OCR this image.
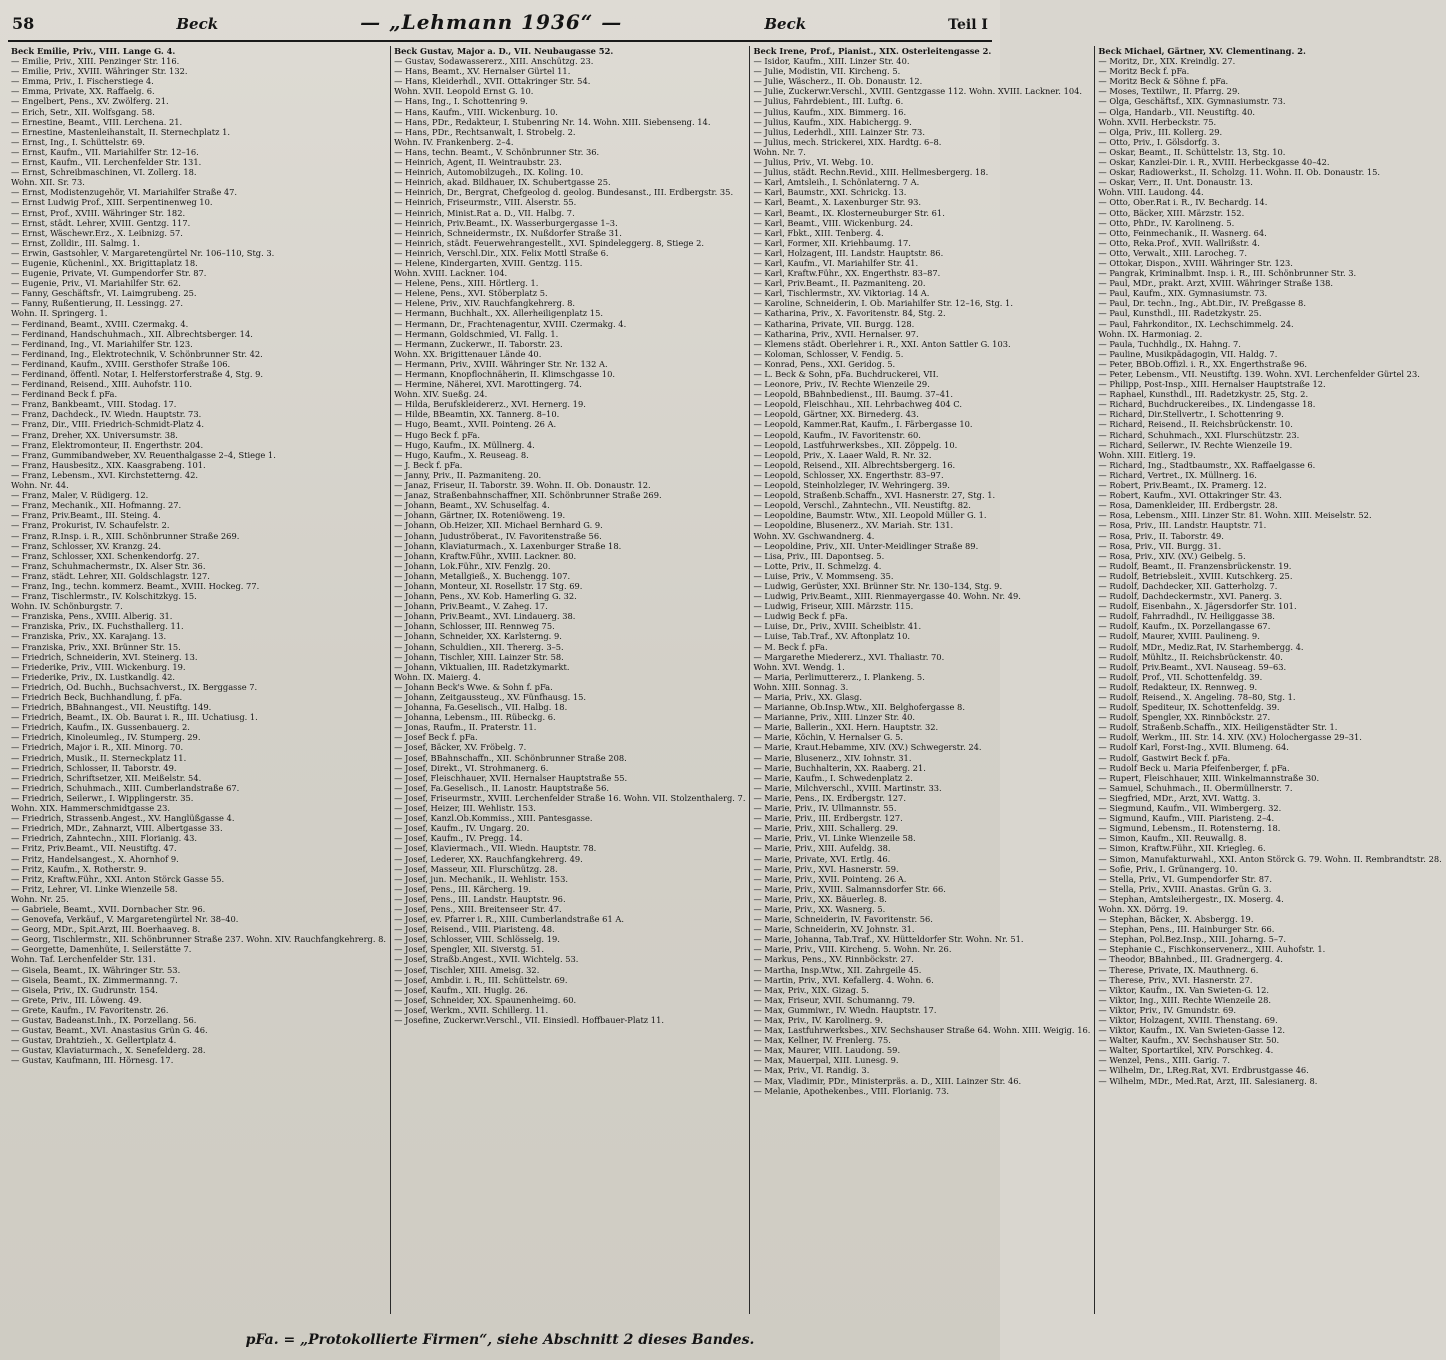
58	Beck	— „Lehmann 1936“ —	Beck	Teil I
Beck Emilie, Priv., VIII. Lange G. 4.
— Emilie, Priv., XIII. Penzinger Str. 116.
— Emilie, Priv., XVIII. Währinger Str. 132.
— Emma, Priv., I. Fischerstiege 4.
— Emma, Private, XX. Raffaelg. 6.
— Engelbert, Pens., XV. Zwölferg. 21.
— Erich, Setr., XII. Wolfsgang. 58.
— Ernestine, Beamt., VIII. Lerchena. 21.
— Ernestine, Mastenleihanstalt, II. Sternechplatz 1.
— Ernst, Ing., I. Schüttelstr. 69.
— Ernst, Kaufm., VII. Mariahilfer Str. 12–16.
— Ernst, Kaufm., VII. Lerchenfelder Str. 131.
— Ernst, Schreibmaschinen, VI. Zollerg. 18.
Wohn. XII. Sr. 73.
— Ernst, Modistenzugehör, VI. Mariahilfer Straße 47.
— Ernst Ludwig Prof., XIII. Serpentinenweg 10.
— Ernst, Prof., XVIII. Währinger Str. 182.
— Ernst, städt. Lehrer, XVIII. Gentzg. 117.
— Ernst, Wäschewr.Erz., X. Leibnizg. 57.
— Ernst, Zolldir., III. Salmg. 1.
— Erwin, Gastsohler, V. Margaretengürtel Nr. 106–110, Stg. 3.
— Eugenie, Kücheninl., XX. Brigittaplatz 18.
— Eugenie, Private, VI. Gumpendorfer Str. 87.
— Eugenie, Priv., VI. Mariahilfer Str. 62.
— Fanny, Geschäftsfr., VI. Laimgrubeng. 25.
— Fanny, Rußentierung, II. Lessingg. 27.
Wohn. II. Springerg. 1.
— Ferdinand, Beamt., XVIII. Czermakg. 4.
— Ferdinand, Handschuhmach., XII. Albrechtsberger. 14.
— Ferdinand, Ing., VI. Mariahilfer Str. 123.
— Ferdinand, Ing., Elektrotechnik, V. Schönbrunner Str. 42.
— Ferdinand, Kaufm., XVIII. Gersthofer Straße 106.
— Ferdinand, öffentl. Notar, I. Helferstorferstraße 4, Stg. 9.
— Ferdinand, Reisend., XIII. Auhofstr. 110.
— Ferdinand Beck f. pFa.
— Franz, Bankbeamt., VIII. Stodag. 17.
— Franz, Dachdeck., IV. Wiedn. Hauptstr. 73.
— Franz, Dir., VIII. Friedrich-Schmidt-Platz 4.
— Franz, Dreher, XX. Universumstr. 38.
— Franz, Elektromonteur, II. Engerthstr. 204.
— Franz, Gummibandweber, XV. Reuenthalgasse 2–4, Stiege 1.
— Franz, Hausbesitz., XIX. Kaasgrabeng. 101.
— Franz, Lebensm., XVI. Kirchstetterng. 42.
Wohn. Nr. 44.
— Franz, Maler, V. Rüdigerg. 12.
— Franz, Mechanik., XII. Hofmanng. 27.
— Franz, Priv.Beamt., III. Steing. 4.
— Franz, Prokurist, IV. Schaufelstr. 2.
— Franz, R.Insp. i. R., XIII. Schönbrunner Straße 269.
— Franz, Schlosser, XV. Kranzg. 24.
— Franz, Schlosser, XXI. Schenkendorfg. 27.
— Franz, Schuhmachermstr., IX. Alser Str. 36.
— Franz, städt. Lehrer, XII. Goldschlagstr. 127.
— Franz, Ing., techn. kommerz. Beamt., XVIII. Hockeg. 77.
— Franz, Tischlermstr., IV. Kolschitzkyg. 15.
Wohn. IV. Schönburgstr. 7.
— Franziska, Pens., XVIII. Alberig. 31.
— Franziska, Priv., IX. Fuchsthallerg. 11.
— Franziska, Priv., XX. Karajang. 13.
— Franziska, Priv., XXI. Brünner Str. 15.
— Friedrich, Schneiderin, XVI. Steinerg. 13.
— Friederike, Priv., VIII. Wickenburg. 19.
— Friederike, Priv., IX. Lustkandlg. 42.
— Friedrich, Od. Buchh., Buchsachverst., IX. Berggasse 7.
— Friedrich Beck, Buchhandlung, f. pFa.
— Friedrich, BBahnangest., VII. Neustiftg. 149.
— Friedrich, Beamt., IX. Ob. Baurat i. R., III. Uchatiusg. 1.
— Friedrich, Kaufm., IX. Gussenbauerg. 2.
— Friedrich, Kinoleumleg., IV. Stumperg. 29.
— Friedrich, Major i. R., XII. Minorg. 70.
— Friedrich, Musik., II. Sterneckplatz 11.
— Friedrich, Schlosser, II. Taborstr. 49.
— Friedrich, Schriftsetzer, XII. Meißelstr. 54.
— Friedrich, Schuhmach., XIII. Cumberlandstraße 67.
— Friedrich, Seilerwr., I. Wipplingerstr. 35.
Wohn. XIX. Hammerschmidtgasse 23.
— Friedrich, Strassenb.Angest., XV. Hanglüßgasse 4.
— Friedrich, MDr., Zahnarzt, VIII. Albertgasse 33.
— Friedrich, Zahntechn., XIII. Florianig. 43.
— Fritz, Priv.Beamt., VII. Neustiftg. 47.
— Fritz, Handelsangest., X. Ahornhof 9.
— Fritz, Kaufm., X. Rotherstr. 9.
— Fritz, Kraftw.Führ., XXI. Anton Störck Gasse 55.
— Fritz, Lehrer, VI. Linke Wienzeile 58.
Wohn. Nr. 25.
— Gabriele, Beamt., XVII. Dornbacher Str. 96.
— Genovefa, Verkäuf., V. Margaretengürtel Nr. 38–40.
— Georg, MDr., Spit.Arzt, III. Boerhaaveg. 8.
— Georg, Tischlermstr., XII. Schönbrunner Straße 237. Wohn. XIV. Rauchfangkehrerg. 8.
— Georgette, Damenhüte, I. Seilerstätte 7.
Wohn. Taf. Lerchenfelder Str. 131.
— Gisela, Beamt., IX. Währinger Str. 53.
— Gisela, Beamt., IX. Zimmermanng. 7.
— Gisela, Priv., IX. Gudrunstr. 154.
— Grete, Priv., III. Löweng. 49.
— Grete, Kaufm., IV. Favoritenstr. 26.
— Gustav, Badeanst.Inh., IX. Porzellang. 56.
— Gustav, Beamt., XVI. Anastasius Grün G. 46.
— Gustav, Drahtzieh., X. Gellertplatz 4.
— Gustav, Klaviaturmach., X. Senefelderg. 28.
— Gustav, Kaufmann, III. Hörnesg. 17.
Beck Gustav, Major a. D., VII. Neubaugasse 52.
— Gustav, Sodawassererz., XIII. Anschützg. 23.
— Hans, Beamt., XV. Hernalser Gürtel 11.
— Hans, Kleiderhdl., XVII. Ottakringer Str. 54.
Wohn. XVII. Leopold Ernst G. 10.
— Hans, Ing., I. Schottenring 9.
— Hans, Kaufm., VIII. Wickenburg. 10.
— Hans, PDr., Redakteur, I. Stubenring Nr. 14. Wohn. XIII. Siebenseng. 14.
— Hans, PDr., Rechtsanwalt, I. Strobelg. 2.
Wohn. IV. Frankenberg. 2–4.
— Hans, techn. Beamt., V. Schönbrunner Str. 36.
— Heinrich, Agent, II. Weintraubstr. 23.
— Heinrich, Automobilzugeh., IX. Koling. 10.
— Heinrich, akad. Bildhauer, IX. Schubertgasse 25.
— Heinrich, Dr., Bergrat, Chefgeolog d. geolog. Bundesanst., III. Erdbergstr. 35.
— Heinrich, Friseurmstr., VIII. Alserstr. 55.
— Heinrich, Minist.Rat a. D., VII. Halbg. 7.
— Heinrich, Priv.Beamt., IX. Wasserburgergasse 1–3.
— Heinrich, Schneidermstr., IX. Nußdorfer Straße 31.
— Heinrich, städt. Feuerwehrangestellt., XVI. Spindeleggerg. 8, Stiege 2.
— Heinrich, Verschl.Dir., XIX. Felix Mottl Straße 6.
— Helene, Kindergarten, XVIII. Gentzg. 115.
Wohn. XVIII. Lackner. 104.
— Helene, Pens., XIII. Hörtlerg. 1.
— Helene, Pens., XVI. Stöberplatz 5.
— Helene, Priv., XIV. Rauchfangkehrerg. 8.
— Hermann, Buchhalt., XX. Allerheiligenplatz 15.
— Hermann, Dr., Frachtenagentur, XVIII. Czermakg. 4.
— Hermann, Goldschmied, VI. Fallg. 1.
— Hermann, Zuckerwr., II. Taborstr. 23.
Wohn. XX. Brigittenauer Lände 40.
— Hermann, Priv., XVIII. Währinger Str. Nr. 132 A.
— Hermann, Knopflochnäherin, II. Klimschgasse 10.
— Hermine, Näherei, XVI. Marottingerg. 74.
Wohn. XIV. Sueßg. 24.
— Hilda, Berufskleidererz., XVI. Hernerg. 19.
— Hilde, BBeamtin, XX. Tannerg. 8–10.
— Hugo, Beamt., XVII. Pointeng. 26 A.
— Hugo Beck f. pFa.
— Hugo, Kaufm., IX. Müllnerg. 4.
— Hugo, Kaufm., X. Reuseag. 8.
— J. Beck f. pFa.
— Janny, Priv., II. Pazmaniteng. 20.
— Janaz, Friseur, II. Taborstr. 39. Wohn. II. Ob. Donaustr. 12.
— Janaz, Straßenbahnschaffner, XII. Schönbrunner Straße 269.
— Johann, Beamt., XV. Schuselfag. 4.
— Johann, Gärtner, IX. Roteniöweng. 19.
— Johann, Ob.Heizer, XII. Michael Bernhard G. 9.
— Johann, Juduströberat., IV. Favoritenstraße 56.
— Johann, Klaviaturmach., X. Laxenburger Straße 18.
— Johann, Kraftw.Führ., XVIII. Lackner. 80.
— Johann, Lok.Führ., XIV. Fenzlg. 20.
— Johann, Metallgieß., X. Buchengg. 107.
— Johann, Monteur, XI. Rosellstr. 17 Stg. 69.
— Johann, Pens., XV. Kob. Hamerling G. 32.
— Johann, Priv.Beamt., V. Zaheg. 17.
— Johann, Priv.Beamt., XVI. Lindauerg. 38.
— Johann, Schlosser, III. Rennweg 75.
— Johann, Schneider, XX. Karlsterng. 9.
— Johann, Schuldien., XII. Thererg. 3–5.
— Johann, Tischler, XIII. Lainzer Str. 58.
— Johann, Viktualien, III. Radetzkymarkt.
Wohn. IX. Maierg. 4.
— Johann Beck's Wwe. & Sohn f. pFa.
— Johann, Zeitgaussteug., XV. Fünfhausg. 15.
— Johanna, Fa.Geselisch., VII. Halbg. 18.
— Johanna, Lebensm., III. Rübeckg. 6.
— Jonas, Raufm., II. Praterstr. 11.
— Josef Beck f. pFa.
— Josef, Bäcker, XV. Fröbelg. 7.
— Josef, BBahnschaffn., XII. Schönbrunner Straße 208.
— Josef, Direkt., VI. Strohmanerg. 6.
— Josef, Fleischhauer, XVII. Hernalser Hauptstraße 55.
— Josef, Fa.Geselisch., II. Lanostr. Hauptstraße 56.
— Josef, Friseurmstr., XVIII. Lerchenfelder Straße 16. Wohn. VII. Stolzenthalerg. 7.
— Josef, Heizer, III. Wehlistr. 153.
— Josef, Kanzl.Ob.Kommiss., XIII. Pantesgasse.
— Josef, Kaufm., IV. Ungarg. 20.
— Josef, Kaufm., IV. Pregg. 14.
— Josef, Klaviermach., VII. Wiedn. Hauptstr. 78.
— Josef, Lederer, XX. Rauchfangkehrerg. 49.
— Josef, Masseur, XII. Flurschützg. 28.
— Josef, jun. Mechanik., II. Wehlistr. 153.
— Josef, Pens., III. Kärcherg. 19.
— Josef, Pens., III. Landstr. Hauptstr. 96.
— Josef, Pens., XIII. Breitenseer Str. 47.
— Josef, ev. Pfarrer i. R., XIII. Cumberlandstraße 61 A.
— Josef, Reisend., VIII. Piaristeng. 48.
— Josef, Schlosser, VIII. Schlösselg. 19.
— Josef, Spengler, XII. Siverstg. 51.
— Josef, Straßb.Angest., XVII. Wichtelg. 53.
— Josef, Tischler, XIII. Ameisg. 32.
— Josef, Ambdir. i. R., III. Schüttelstr. 69.
— Josef, Kaufm., XII. Huglg. 26.
— Josef, Schneider, XX. Spaunenheimg. 60.
— Josef, Werkm., XVII. Schillerg. 11.
— Josefine, Zuckerwr.Verschl., VII. Einsiedl. Hoffbauer-Platz 11.
Beck Irene, Prof., Pianist., XIX. Osterleitengasse 2.
— Isidor, Kaufm., XIII. Linzer Str. 40.
— Julie, Modistin, VII. Kircheng. 5.
— Julie, Wäscherz., II. Ob. Donaustr. 12.
— Julie, Zuckerwr.Verschl., XVIII. Gentzgasse 112. Wohn. XVIII. Lackner. 104.
— Julius, Fahrdebient., III. Luftg. 6.
— Julius, Kaufm., XIX. Bimmerg. 16.
— Julius, Kaufm., XIX. Habichergg. 9.
— Julius, Lederhdl., XIII. Lainzer Str. 73.
— Julius, mech. Strickerei, XIX. Hardtg. 6–8.
Wohn. Nr. 7.
— Julius, Priv., VI. Webg. 10.
— Julius, städt. Rechn.Revid., XIII. Hellmesbergerg. 18.
— Karl, Amtsleih., I. Schönlaterng. 7 A.
— Karl, Baumstr., XXI. Schrickg. 13.
— Karl, Beamt., X. Laxenburger Str. 93.
— Karl, Beamt., IX. Klosterneuburger Str. 61.
— Karl, Beamt., VIII. Wickenburg. 24.
— Karl, Fbkt., XIII. Tenberg. 4.
— Karl, Former, XII. Kriehbaumg. 17.
— Karl, Holzagent, III. Landstr. Hauptstr. 86.
— Karl, Kaufm., VI. Mariahilfer Str. 41.
— Karl, Kraftw.Führ., XX. Engerthstr. 83–87.
— Karl, Priv.Beamt., II. Pazmaniteng. 20.
— Karl, Tischlermstr., XV. Viktoriag. 14 A.
— Karoline, Schneiderin, I. Ob. Mariahilfer Str. 12–16, Stg. 1.
— Katharina, Priv., X. Favoritenstr. 84, Stg. 2.
— Katharina, Private, VII. Burgg. 128.
— Katharina, Priv., XVII. Hernalser. 97.
— Klemens städt. Oberlehrer i. R., XXI. Anton Sattler G. 103.
— Koloman, Schlosser, V. Fendig. 5.
— Konrad, Pens., XXI. Geridog. 5.
— L. Beck & Sohn, pFa. Buchdruckerei, VII.
— Leonore, Priv., IV. Rechte Wienzeile 29.
— Leopold, BBahnbedienst., III. Baumg. 37–41.
— Leopold, Fleischhau., XII. Lehrbachweg 404 C.
— Leopold, Gärtner, XX. Birnederg. 43.
— Leopold, Kammer.Rat, Kaufm., I. Färbergasse 10.
— Leopold, Kaufm., IV. Favoritenstr. 60.
— Leopold, Lastfuhrwerksbes., XII. Zöppelg. 10.
— Leopold, Priv., X. Laaer Wald, R. Nr. 32.
— Leopold, Reisend., XII. Albrechtsbergerg. 16.
— Leopold, Schlosser, XX. Engerthstr. 83–97.
— Leopold, Steinholzleger, IV. Wehringerg. 39.
— Leopold, Straßenb.Schaffn., XVI. Hasnerstr. 27, Stg. 1.
— Leopold, Verschl., Zahntechn., VII. Neustiftg. 82.
— Leopoldine, Baumstr. Wtw., XII. Leopold Müller G. 1.
— Leopoldine, Blusenerz., XV. Mariah. Str. 131.
Wohn. XV. Gschwandnerg. 4.
— Leopoldine, Priv., XII. Unter-Meidlinger Straße 89.
— Lisa, Priv., III. Dapontseg. 5.
— Lotte, Priv., II. Schmelzg. 4.
— Luise, Priv., V. Mommseng. 35.
— Ludwig, Gerüster, XXI. Brünner Str. Nr. 130–134, Stg. 9.
— Ludwig, Priv.Beamt., XIII. Rienmayergasse 40. Wohn. Nr. 49.
— Ludwig, Friseur, XIII. Märzstr. 115.
— Ludwig Beck f. pFa.
— Luise, Dr., Priv., XVIII. Scheiblstr. 41.
— Luise, Tab.Traf., XV. Aftonplatz 10.
— M. Beck f. pFa.
— Margarethe Miedererz., XVI. Thaliastr. 70.
Wohn. XVI. Wendg. 1.
— Maria, Perlimuttererz., I. Plankeng. 5.
Wohn. XIII. Sonnag. 3.
— Maria, Priv., XX. Glasg.
— Marianne, Ob.Insp.Wtw., XII. Belghofergasse 8.
— Marianne, Priv., XIII. Linzer Str. 40.
— Marie, Ballerin., XXI. Hern. Hauptstr. 32.
— Marie, Köchin, V. Hernalser G. 5.
— Marie, Kraut.Hebamme, XIV. (XV.) Schwegerstr. 24.
— Marie, Blusenerz., XIV. Iohnstr. 31.
— Marie, Buchhalterin, XX. Raaberg. 21.
— Marie, Kaufm., I. Schwedenplatz 2.
— Marie, Milchverschl., XVIII. Martinstr. 33.
— Marie, Pens., IX. Erdbergstr. 127.
— Marie, Priv., IV. Ullmannstr. 55.
— Marie, Priv., III. Erdbergstr. 127.
— Marie, Priv., XIII. Schallerg. 29.
— Marie, Priv., VI. Linke Wienzeile 58.
— Marie, Priv., XIII. Aufeldg. 38.
— Marie, Private, XVI. Ertlg. 46.
— Marie, Priv., XVI. Hasnerstr. 59.
— Marie, Priv., XVII. Pointeng. 26 A.
— Marie, Priv., XVIII. Salmannsdorfer Str. 66.
— Marie, Priv., XX. Bäuerleg. 8.
— Marie, Priv., XX. Wasnerg. 5.
— Marie, Schneiderin, IV. Favoritenstr. 56.
— Marie, Schneiderin, XV. Johnstr. 31.
— Marie, Johanna, Tab.Traf., XV. Hütteldorfer Str. Wohn. Nr. 51.
— Marie, Priv., VIII. Kircheng. 5. Wohn. Nr. 26.
— Markus, Pens., XV. Rinnböckstr. 27.
— Martha, Insp.Wtw., XII. Zahrgeile 45.
— Martin, Priv., XVI. Kefallerg. 4. Wohn. 6.
— Max, Priv., XIX. Gizag. 5.
— Max, Friseur, XVII. Schumanng. 79.
— Max, Gummiwr., IV. Wiedn. Hauptstr. 17.
— Max, Priv., IV. Karolinerg. 9.
— Max, Lastfuhrwerksbes., XIV. Sechshauser Straße 64. Wohn. XIII. Weigig. 16.
— Max, Kellner, IV. Frenlerg. 75.
— Max, Maurer, VIII. Laudong. 59.
— Max, Mauerpal, XIII. Lunesg. 9.
— Max, Priv., VI. Randig. 3.
— Max, Vladimir, PDr., Ministerpräs. a. D., XIII. Lainzer Str. 46.
— Melanie, Apothekenbes., VIII. Florianig. 73.
Beck Michael, Gärtner, XV. Clementinang. 2.
— Moritz, Dr., XIX. Kreindlg. 27.
— Moritz Beck f. pFa.
— Moritz Beck & Söhne f. pFa.
— Moses, Textilwr., II. Pfarrg. 29.
— Olga, Geschäftsf., XIX. Gymnasiumstr. 73.
— Olga, Handarb., VII. Neustiftg. 40.
Wohn. XVII. Herbeckstr. 75.
— Olga, Priv., III. Kollerg. 29.
— Otto, Priv., I. Gölsdorfg. 3.
— Oskar, Beamt., II. Schüttelstr. 13, Stg. 10.
— Oskar, Kanzlei-Dir. i. R., XVIII. Herbeckgasse 40–42.
— Oskar, Radiowerkst., II. Scholzg. 11. Wohn. II. Ob. Donaustr. 15.
— Oskar, Verr., II. Unt. Donaustr. 13.
Wohn. VIII. Laudong. 44.
— Otto, Ober.Rat i. R., IV. Bechardg. 14.
— Otto, Bäcker, XIII. Märzstr. 152.
— Otto, PhDr., IV. Karolineng. 5.
— Otto, Feinmechanik., II. Wasnerg. 64.
— Otto, Reka.Prof., XVII. Wallrißstr. 4.
— Otto, Verwalt., XIII. Larocheg. 7.
— Ottokar, Dispon., XVIII. Währinger Str. 123.
— Pangrak, Kriminalbmt. Insp. i. R., III. Schönbrunner Str. 3.
— Paul, MDr., prakt. Arzt, XVIII. Währinger Straße 138.
— Paul, Kaufm., XIX. Gymnasiumstr. 73.
— Paul, Dr. techn., Ing., Abt.Dir., IV. Preßgasse 8.
— Paul, Kunsthdl., III. Radetzkystr. 25.
— Paul, Fahrkonditor., IX. Lechschimmelg. 24.
Wohn. IX. Harmoniag. 2.
— Paula, Tuchhdlg., IX. Hahng. 7.
— Pauline, Musikpädagogin, VII. Haldg. 7.
— Peter, BBOb.Offizl. i. R., XX. Engerthstraße 96.
— Peter, Lebensm., VII. Neustiftg. 139. Wohn. XVI. Lerchenfelder Gürtel 23.
— Philipp, Post-Insp., XIII. Hernalser Hauptstraße 12.
— Raphael, Kunsthdl., III. Radetzkystr. 25, Stg. 2.
— Richard, Buchdruckereibes., IX. Lindengasse 18.
— Richard, Dir.Stellvertr., I. Schottenring 9.
— Richard, Reisend., II. Reichsbrückenstr. 10.
— Richard, Schuhmach., XXI. Flurschützstr. 23.
— Richard, Seilerwr., IV. Rechte Wienzeile 19.
Wohn. XIII. Eitlerg. 19.
— Richard, Ing., Stadtbaumstr., XX. Raffaelgasse 6.
— Richard, Vertret., IX. Müllnerg. 16.
— Robert, Priv.Beamt., IX. Pramerg. 12.
— Robert, Kaufm., XVI. Ottakringer Str. 43.
— Rosa, Damenkleider, III. Erdbergstr. 28.
— Rosa, Lebensm., XIII. Linzer Str. 81. Wohn. XIII. Meiselstr. 52.
— Rosa, Priv., III. Landstr. Hauptstr. 71.
— Rosa, Priv., II. Taborstr. 49.
— Rosa, Priv., VII. Burgg. 31.
— Rosa, Priv., XIV. (XV.) Geibelg. 5.
— Rudolf, Beamt., II. Franzensbrückenstr. 19.
— Rudolf, Betriebsleit., XVIII. Kutschkerg. 25.
— Rudolf, Dachdecker, XII. Gatterholzg. 7.
— Rudolf, Dachdeckermstr., XVI. Panerg. 3.
— Rudolf, Eisenbahn., X. Jägersdorfer Str. 101.
— Rudolf, Fahrradhdl., IV. Heiliggasse 38.
— Rudolf, Kaufm., IX. Porzellangasse 67.
— Rudolf, Maurer, XVIII. Paulineng. 9.
— Rudolf, MDr., Mediz.Rat, IV. Starhembergg. 4.
— Rudolf, Mühltz., II. Reichsbrückenstr. 40.
— Rudolf, Priv.Beamt., XVI. Nauseag. 59–63.
— Rudolf, Prof., VII. Schottenfeldg. 39.
— Rudolf, Redakteur, IX. Rennweg. 9.
— Rudolf, Reisend., X. Angeling. 78–80, Stg. 1.
— Rudolf, Spediteur, IX. Schottenfeldg. 39.
— Rudolf, Spengler, XX. Rinnböckstr. 27.
— Rudolf, Straßenb.Schaffn., XIX. Heiligenstädter Str. 1.
— Rudolf, Werkm., III. Str. 14. XIV. (XV.) Holochergasse 29–31.
— Rudolf Karl, Forst-Ing., XVII. Blumeng. 64.
— Rudolf, Gastwirt Beck f. pFa.
— Rudolf Beck u. Maria Pfeifenberger, f. pFa.
— Rupert, Fleischhauer, XIII. Winkelmannstraße 30.
— Samuel, Schuhmach., II. Obermüllnerstr. 7.
— Siegfried, MDr., Arzt, XVI. Wattg. 3.
— Siegmund, Kaufm., VII. Wimbergerg. 32.
— Sigmund, Kaufm., VIII. Piaristeng. 2–4.
— Sigmund, Lebensm., II. Rotensterng. 18.
— Simon, Kaufm., XII. Reuwallg. 8.
— Simon, Kraftw.Führ., XII. Kriegleg. 6.
— Simon, Manufakturwahl., XXI. Anton Störck G. 79. Wohn. II. Rembrandtstr. 28.
— Sofie, Priv., I. Grünangerg. 10.
— Stella, Priv., VI. Gumpendorfer Str. 87.
— Stella, Priv., XVIII. Anastas. Grün G. 3.
— Stephan, Amtsleihergestr., IX. Moserg. 4.
Wohn. XX. Dörrg. 19.
— Stephan, Bäcker, X. Absbergg. 19.
— Stephan, Pens., III. Hainburger Str. 66.
— Stephan, Pol.Bez.Insp., XIII. Joharng. 5–7.
— Stephanie C., Fischkonservenerz., XIII. Auhofstr. 1.
— Theodor, BBahnbed., III. Gradnergerg. 4.
— Therese, Private, IX. Mauthnerg. 6.
— Therese, Priv., XVI. Hasnerstr. 27.
— Viktor, Kaufm., IX. Van Swieten-G. 12.
— Viktor, Ing., XIII. Rechte Wienzeile 28.
— Viktor, Priv., IV. Gmundstr. 69.
— Viktor, Holzagent, XVIII. Thenstang. 69.
— Viktor, Kaufm., IX. Van Swieten-Gasse 12.
— Walter, Kaufm., XV. Sechshauser Str. 50.
— Walter, Sportartikel, XIV. Porschkeg. 4.
— Wenzel, Pens., XIII. Garig. 7.
— Wilhelm, Dr., LReg.Rat, XVI. Erdbrustgasse 46.
— Wilhelm, MDr., Med.Rat, Arzt, III. Salesianerg. 8.
pFa. = „Protokollierte Firmen“, siehe Abschnitt 2 dieses Bandes.
